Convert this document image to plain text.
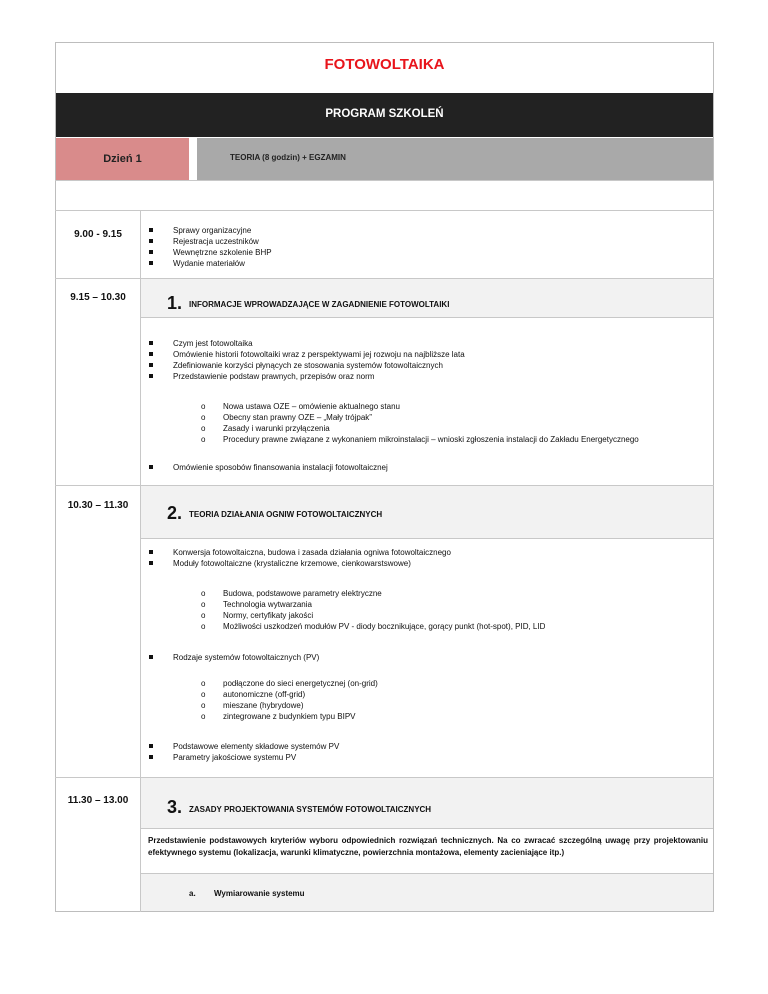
FOTOWOLTAIKA
PROGRAM SZKOLEŃ
Dzień 1	TEORIA (8 godzin) + EGZAMIN
9.00 - 9.15	Sprawy organizacyjne
Rejestracja uczestników
Wewnętrzne szkolenie BHP
Wydanie materiałów
9.15 – 10.30	1. INFORMACJE WPROWADZAJĄCE W ZAGADNIENIE FOTOWOLTAIKI
Czym jest fotowoltaika
Omówienie historii fotowoltaiki wraz z perspektywami jej rozwoju na najbliższe lata
Zdefiniowanie korzyści płynących ze stosowania systemów fotowoltaicznych
Przedstawienie podstaw prawnych, przepisów oraz norm
o Nowa ustawa OZE – omówienie aktualnego stanu
o Obecny stan prawny OZE – „Mały trójpak”
o Zasady i warunki przyłączenia
o Procedury prawne związane z wykonaniem mikroinstalacji – wnioski zgłoszenia instalacji do Zakładu Energetycznego
Omówienie sposobów finansowania instalacji fotowoltaicznej
10.30 – 11.30	2. TEORIA DZIAŁANIA OGNIW FOTOWOLTAICZNYCH
Konwersja fotowoltaiczna, budowa i zasada działania ogniwa fotowoltaicznego
Moduły fotowoltaiczne (krystaliczne krzemowe, cienkowarstswowe)
o Budowa, podstawowe parametry elektryczne
o Technologia wytwarzania
o Normy, certyfikaty jakości
o Możliwości uszkodzeń modułów PV - diody bocznikujące, gorący punkt (hot-spot), PID, LID
Rodzaje systemów fotowoltaicznych (PV)
o podłączone do sieci energetycznej (on-grid)
o autonomiczne (off-grid)
o mieszane (hybrydowe)
o zintegrowane z budynkiem typu BIPV
Podstawowe elementy składowe systemów PV
Parametry jakościowe systemu PV
11.30 – 13.00	3. ZASADY PROJEKTOWANIA SYSTEMÓW FOTOWOLTAICZNYCH
Przedstawienie podstawowych kryteriów wyboru odpowiednich rozwiązań technicznych. Na co zwracać szczególną uwagę przy projektowaniu efektywnego systemu (lokalizacja, warunki klimatyczne, powierzchnia montażowa, elementy zacieniające itp.)
a. Wymiarowanie systemu
